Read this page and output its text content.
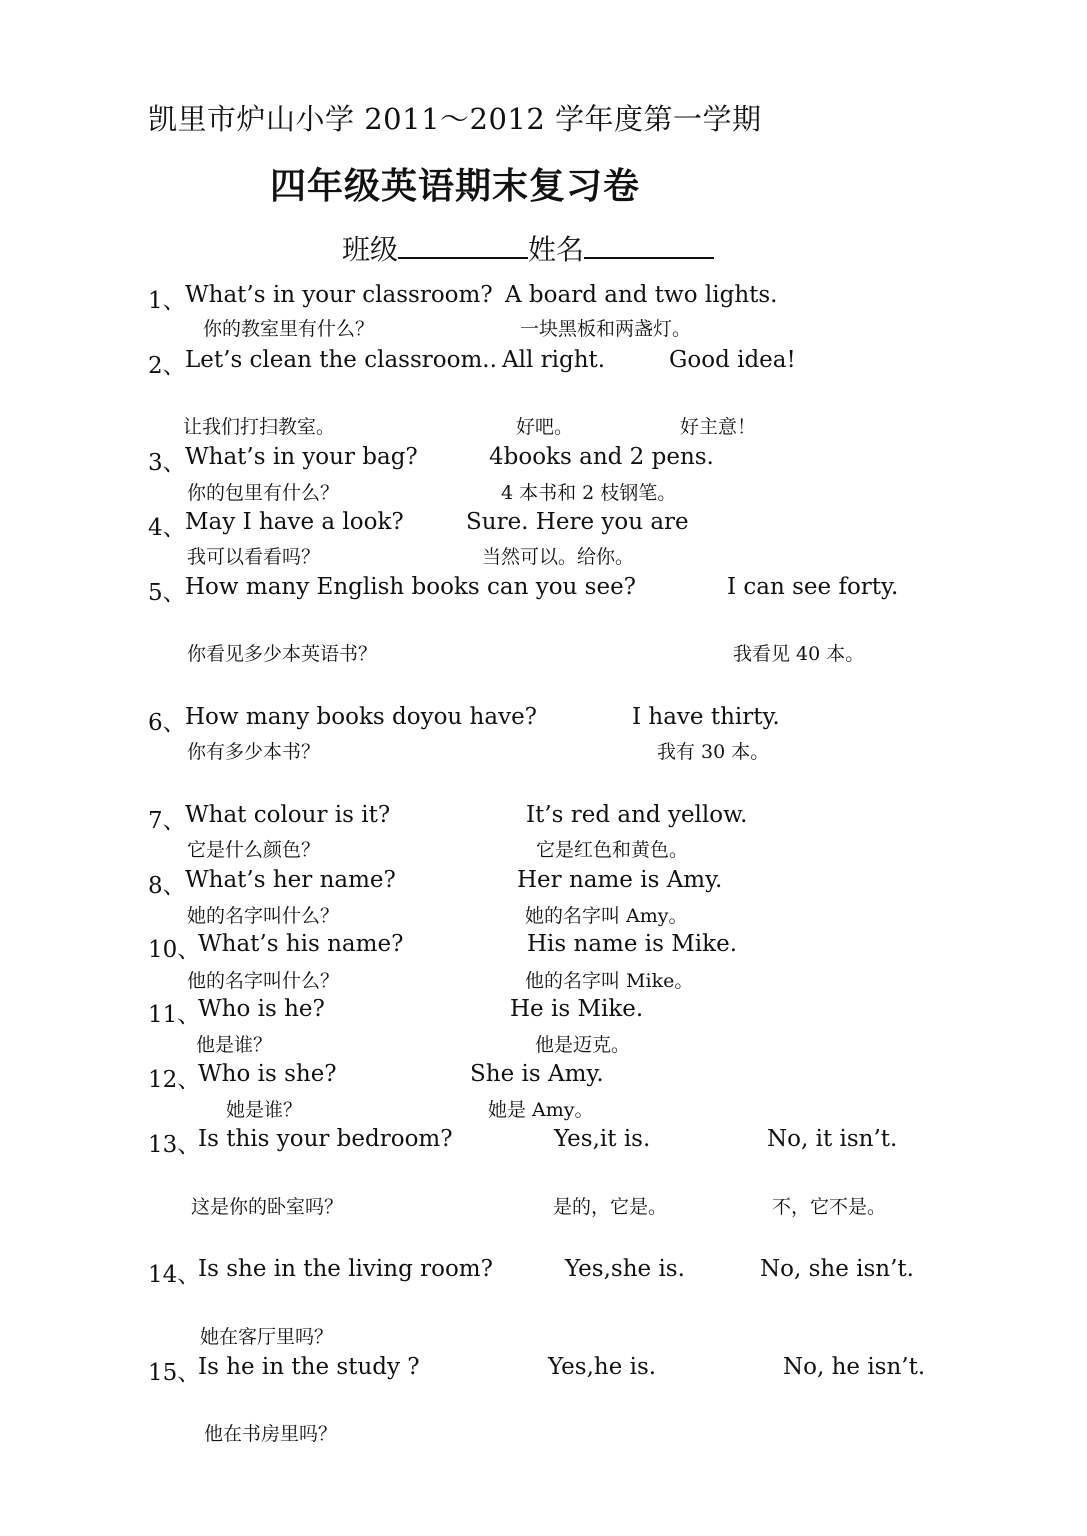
凯里市炉山小学 2011～2012 学年度第一学期
四年级英语期末复习卷
班级	姓名
1、 What’s in your classroom? A board and two lights.
你的教室里有什么？	一块黑板和两盏灯。
2、 Let’s clean the classroom.. All right.	Good idea!
让我们打扫教室。	好吧。	好主意！
3、 What’s in your bag?	4books and 2 pens.
你的包里有什么？	4 本书和 2 枝钢笔。
4、 May I have a look?	Sure. Here you are
我可以看看吗？	当然可以。给你。
5、 How many English books can you see?	I can see forty.
你看见多少本英语书？	我看见 40 本。
6、 How many books doyou have?	I have thirty.
你有多少本书？	我有 30 本。
7、 What colour is it?	It’s red and yellow.
它是什么颜色？	它是红色和黄色。
8、 What’s her name?	Her name is Amy.
她的名字叫什么？	她的名字叫 Amy。
10、
What’s his name?	His name is Mike.
他的名字叫什么？	他的名字叫 Mike。
11、
Who is he?	He is Mike.
他是谁？	他是迈克。
12、
Who is she?	She is Amy.
她是谁？	她是 Amy。
13、
Is this your bedroom?	Yes,it is.	No, it isn’t.
这是你的卧室吗？	是的，它是。	不，它不是。
14、
Is she in the living room?	Yes,she is.	No, she isn’t.
她在客厅里吗？
15、
Is he in the study ?	Yes,he is.	No, he isn’t.
他在书房里吗？
